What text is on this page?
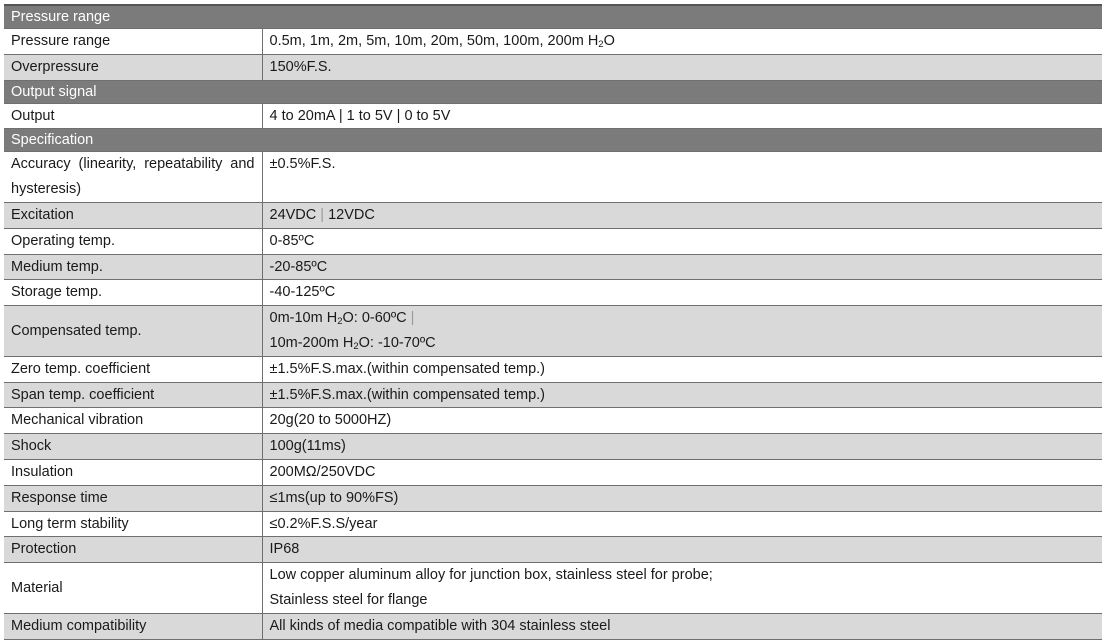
Pressure range	
Pressure range	0.5m, 1m, 2m, 5m, 10m, 20m, 50m, 100m, 200m $H_2O$
Overpressure	150%F.S.
Output signal	
Output	4 to 20mA | 1 to 5V | 0 to 5V
Specification	
Accuracy (linearity, repeatability and hysteresis)	±0.5%F.S.
Excitation	24VDC | 12VDC
Operating temp.	0-85ºC
Medium temp.	-20-85ºC
Storage temp.	-40-125ºC
Compensated temp.	0m-10m $H_2O$: 0-60ºC |
10m-200m $H_2O$: -10-70ºC

Zero temp. coefficient	±1.5%F.S.max.(within compensated temp.)
Span temp. coefficient	±1.5%F.S.max.(within compensated temp.)
Mechanical vibration	20g(20 to 5000HZ)
Shock	100g(11ms)
Insulation	200MΩ/250VDC
Response time	≤1ms(up to 90%FS)
Long term stability	≤0.2%F.S.S/year
Protection	IP68
Material	Low copper aluminum alloy for junction box, stainless steel for probe;
Stainless steel for flange

Medium compatibility	All kinds of media compatible with 304 stainless steel
